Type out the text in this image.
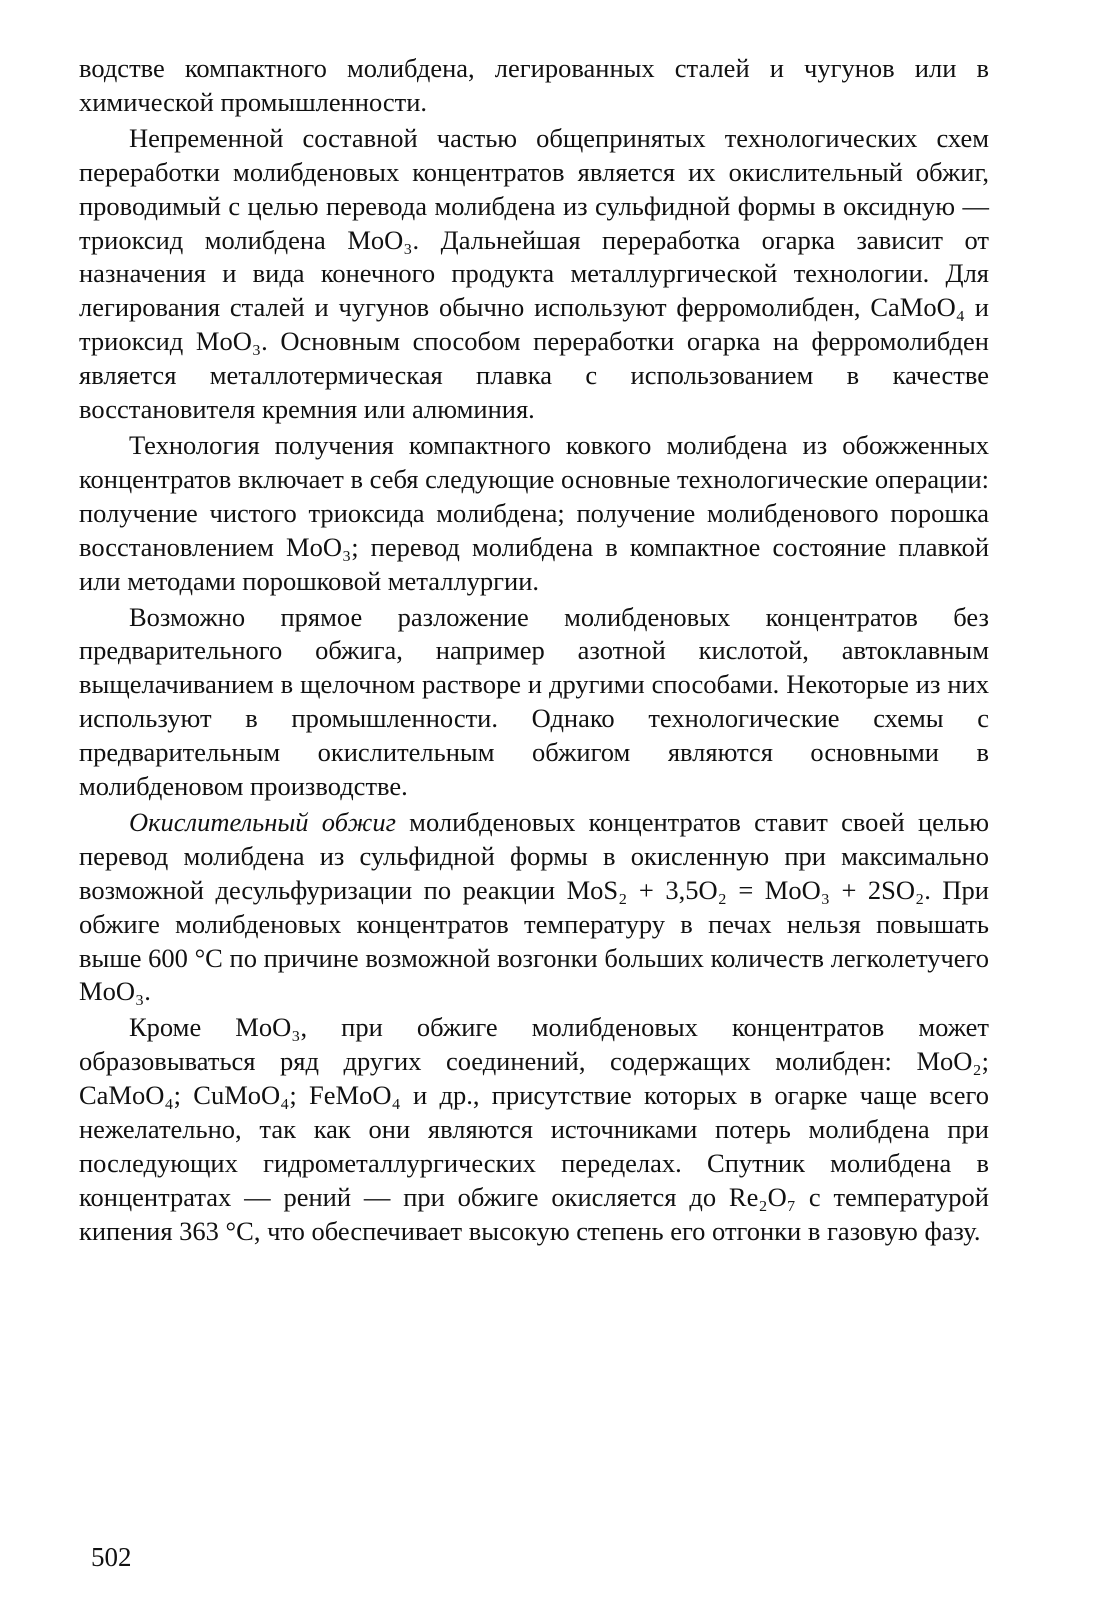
водстве компактного молибдена, легированных сталей и чугунов или в химической промышленности.

Непременной составной частью общепринятых технологических схем переработки молибденовых концентратов является их окислительный обжиг, проводимый с целью перевода молибдена из сульфидной формы в оксидную — триоксид молибдена MoO₃. Дальнейшая переработка огарка зависит от назначения и вида конечного продукта металлургической технологии. Для легирования сталей и чугунов обычно используют ферромолибден, CaMoO₄ и триоксид MoO₃. Основным способом переработки огарка на ферромолибден является металлотермическая плавка с использованием в качестве восстановителя кремния или алюминия.

Технология получения компактного ковкого молибдена из обожженных концентратов включает в себя следующие основные технологические операции: получение чистого триоксида молибдена; получение молибденового порошка восстановлением MoO₃; перевод молибдена в компактное состояние плавкой или методами порошковой металлургии.

Возможно прямое разложение молибденовых концентратов без предварительного обжига, например азотной кислотой, автоклавным выщелачиванием в щелочном растворе и другими способами. Некоторые из них используют в промышленности. Однако технологические схемы с предварительным окислительным обжигом являются основными в молибденовом производстве.

Окислительный обжиг молибденовых концентратов ставит своей целью перевод молибдена из сульфидной формы в окисленную при максимально возможной десульфуризации по реакции MoS₂ + 3,5O₂ = MoO₃ + 2SO₂. При обжиге молибденовых концентратов температуру в печах нельзя повышать выше 600 °C по причине возможной возгонки больших количеств легколетучего MoO₃.

Кроме MoO₃, при обжиге молибденовых концентратов может образовываться ряд других соединений, содержащих молибден: MoO₂; CaMoO₄; CuMoO₄; FeMoO₄ и др., присутствие которых в огарке чаще всего нежелательно, так как они являются источниками потерь молибдена при последующих гидрометаллургических переделах. Спутник молибдена в концентратах — рений — при обжиге окисляется до Re₂O₇ с температурой кипения 363 °C, что обеспечивает высокую степень его отгонки в газовую фазу.

502
